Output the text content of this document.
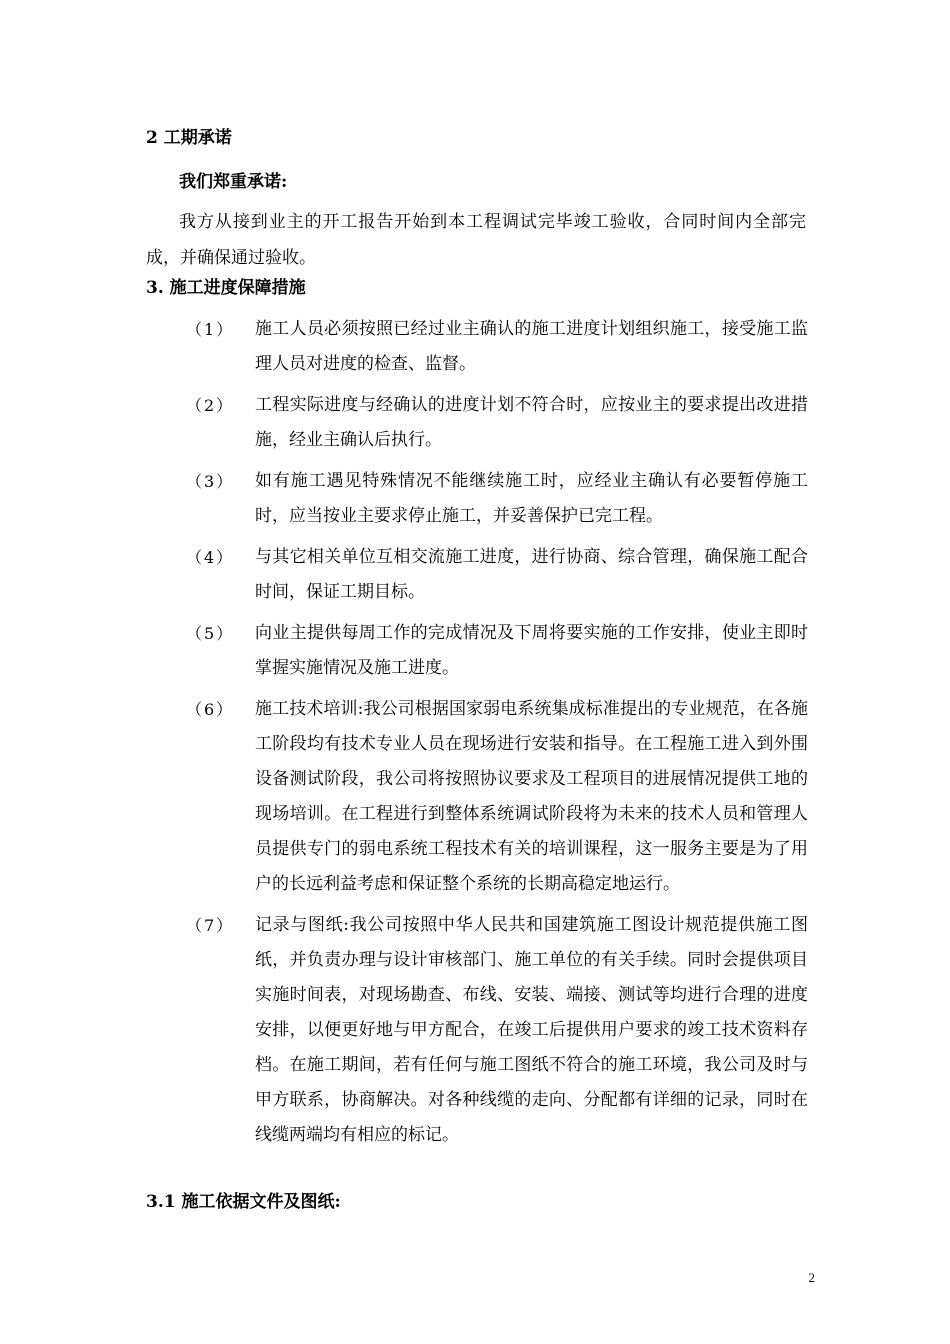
2 工期承诺
我们郑重承诺:

我方从接到业主的开工报告开始到本工程调试完毕竣工验收，合同时间内全部完成，并确保通过验收。

3. 施工进度保障措施
（1） 施工人员必须按照已经过业主确认的施工进度计划组织施工，接受施工监理人员对进度的检查、监督。
（2） 工程实际进度与经确认的进度计划不符合时，应按业主的要求提出改进措施，经业主确认后执行。
（3） 如有施工遇见特殊情况不能继续施工时，应经业主确认有必要暂停施工时，应当按业主要求停止施工，并妥善保护已完工程。
（4） 与其它相关单位互相交流施工进度，进行协商、综合管理，确保施工配合时间，保证工期目标。
（5） 向业主提供每周工作的完成情况及下周将要实施的工作安排，使业主即时掌握实施情况及施工进度。
（6） 施工技术培训:我公司根据国家弱电系统集成标准提出的专业规范，在各施工阶段均有技术专业人员在现场进行安装和指导。在工程施工进入到外围设备测试阶段，我公司将按照协议要求及工程项目的进展情况提供工地的现场培训。在工程进行到整体系统调试阶段将为未来的技术人员和管理人员提供专门的弱电系统工程技术有关的培训课程，这一服务主要是为了用户的长远利益考虑和保证整个系统的长期高稳定地运行。
（7） 记录与图纸:我公司按照中华人民共和国建筑施工图设计规范提供施工图纸，并负责办理与设计审核部门、施工单位的有关手续。同时会提供项目实施时间表，对现场勘查、布线、安装、端接、测试等均进行合理的进度安排，以便更好地与甲方配合，在竣工后提供用户要求的竣工技术资料存档。在施工期间，若有任何与施工图纸不符合的施工环境，我公司及时与甲方联系，协商解决。对各种线缆的走向、分配都有详细的记录，同时在线缆两端均有相应的标记。
3.1 施工依据文件及图纸:
2
